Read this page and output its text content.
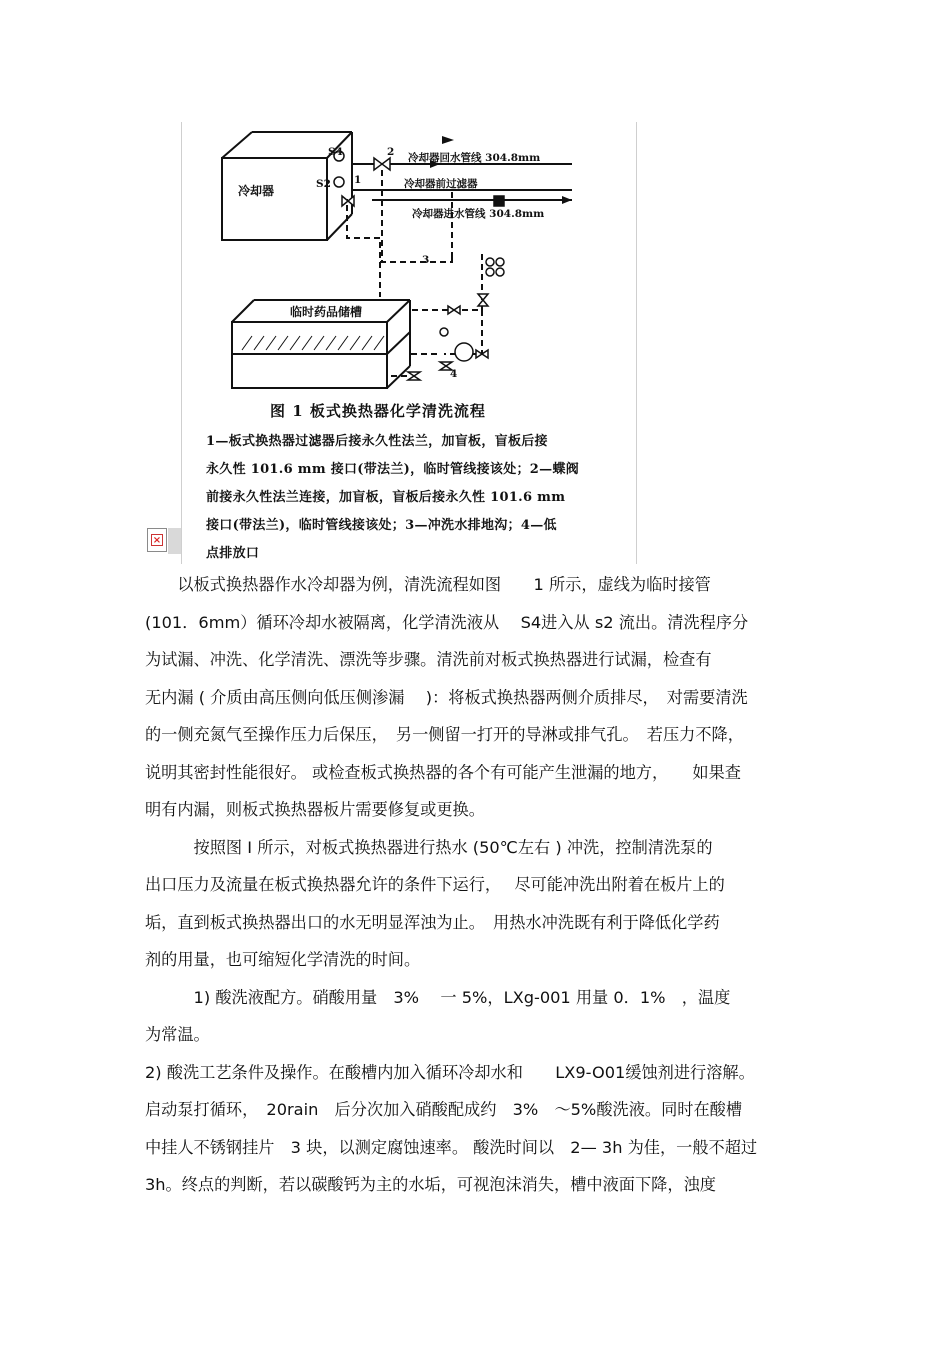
冷却器
S4
S2 1
2
3
4
冷却器回水管线 304.8mm
冷却器前过滤器
冷却器进水管线 304.8mm
临时药品储槽
图 1 板式换热器化学清洗流程
1—板式换热器过滤器后接永久性法兰，加盲板，盲板后接
永久性 101.6 mm 接口(带法兰)，临时管线接该处；2—蝶阀
前接永久性法兰连接，加盲板，盲板后接永久性 101.6 mm
接口(带法兰)，临时管线接该处；3—冲洗水排地沟；4—低
点排放口
×

　　以板式换热器作水冷却器为例，清洗流程如图　　1 所示，虚线为临时接管

(101．6mm）循环冷却水被隔离，化学清洗液从　 S4进入从 s2 流出。清洗程序分

为试漏、冲洗、化学清洗、漂洗等步骤。清洗前对板式换热器进行试漏，检查有

无内漏 ( 介质由高压侧向低压侧渗漏　 )：将板式换热器两侧介质排尽，　对需要清洗

的一侧充氮气至操作压力后保压，　另一侧留一打开的导淋或排气孔。　若压力不降，

说明其密封性能很好。 或检查板式换热器的各个有可能产生泄漏的地方，　　如果查

明有内漏，则板式换热器板片需要修复或更换。

　　　按照图 Ⅰ 所示，对板式换热器进行热水 (50℃左右 ) 冲洗，控制清洗泵的

出口压力及流量在板式换热器允许的条件下运行，　 尽可能冲洗出附着在板片上的

垢，直到板式换热器出口的水无明显浑浊为止。　用热水冲洗既有利于降低化学药

剂的用量，也可缩短化学清洗的时间。

　　　1) 酸洗液配方。硝酸用量　3%　 一 5%，LXg-001 用量 0．1%　，温度

为常温。

2) 酸洗工艺条件及操作。在酸槽内加入循环冷却水和　　LX9-O01缓蚀剂进行溶解。

启动泵打循环，　20rain　后分次加入硝酸配成约　3%　～5%酸洗液。同时在酸槽

中挂人不锈钢挂片　3 块，以测定腐蚀速率。 酸洗时间以　2— 3h 为佳，一般不超过

3h。终点的判断，若以碳酸钙为主的水垢，可视泡沫消失，槽中液面下降，浊度
